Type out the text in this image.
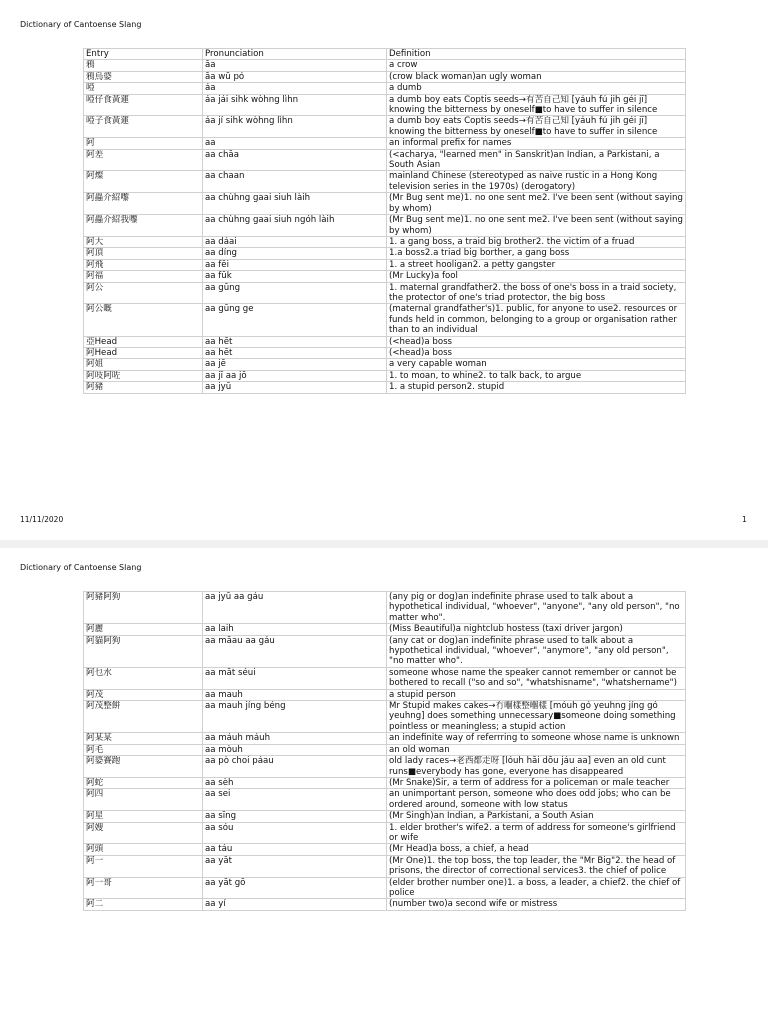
Dictionary of Cantoense Slang
Entry	Pronunciation	Definition
鴉	āa	a crow
鴉烏婆	āa wū pó	(crow black woman)an ugly woman
啞	áa	a dumb
啞仔食黃蓮	áa jái sihk wòhng lìhn	a dumb boy eats Coptis seeds→有苦自己知 [yáuh fú jih géi jī] knowing the bitterness by oneself■to have to suffer in silence
啞子食黃蓮	áa jí sihk wòhng lìhn	a dumb boy eats Coptis seeds→有苦自己知 [yáuh fú jih géi jī] knowing the bitterness by oneself■to have to suffer in silence
阿	aa	an informal prefix for names
阿差	aa chāa	(<acharya, "learned men" in Sanskrit)an Indian, a Parkistani, a South Asian
阿燦	aa chaan	mainland Chinese (stereotyped as naive rustic in a Hong Kong television series in the 1970s) (derogatory)
阿蟲介紹嚟	aa chùhng gaai siuh làih	(Mr Bug sent me)1. no one sent me2. I've been sent (without saying by whom)
阿蟲介紹我嚟	aa chùhng gaai siuh ngóh làih	(Mr Bug sent me)1. no one sent me2. I've been sent (without saying by whom)
阿大	aa dáai	1. a gang boss, a traid big brother2. the victim of a fruad
阿頂	aa díng	1.a boss2.a triad big borther, a gang boss
阿飛	aa fēi	1. a street hooligan2. a petty gangster
阿福	aa fūk	(Mr Lucky)a fool
阿公	aa gūng	1. maternal grandfather2. the boss of one's boss in a traid society, the protector of one's triad protector, the big boss
阿公嘅	aa gūng ge	(maternal grandfather's)1. public, for anyone to use2. resources or funds held in common, belonging to a group or organisation rather than to an individual
亞Head	aa hēt	(<head)a boss
阿Head	aa hēt	(<head)a boss
阿姐	aa jē	a very capable woman
阿吱阿咗	aa jī aa jō	1. to moan, to whine2. to talk back, to argue
阿豬	aa jyū	1. a stupid person2. stupid
11/11/2020	1
Dictionary of Cantoense Slang
阿豬阿狗	aa jyū aa gáu	(any pig or dog)an indefinite phrase used to talk about a hypothetical individual, "whoever", "anyone", "any old person", "no matter who".
阿麗	aa laih	(Miss Beautiful)a nightclub hostess (taxi driver jargon)
阿貓阿狗	aa māau aa gáu	(any cat or dog)an indefinite phrase used to talk about a hypothetical individual, "whoever", "anymore", "any old person", "no matter who".
阿乜水	aa māt séui	someone whose name the speaker cannot remember or cannot be bothered to recall ("so and so", "whatshisname", "whatshername")
阿茂	aa mauh	a stupid person
阿茂整餅	aa mauh jíng béng	Mr Stupid makes cakes→冇嗰樣整嗰樣 [móuh gó yeuhng jíng gó yeuhng] does something unnecessary■someone doing something pointless or meaningless; a stupid action
阿某某	aa máuh máuh	an indefinite way of referrring to someone whose name is unknown
阿毛	aa mòuh	an old woman
阿婆賽跑	aa pò choi páau	old lady races→老西都走呀 [lóuh hāi dōu jáu aa] even an old cunt runs■everybody has gone, everyone has disappeared
阿蛇	aa sèh	(Mr Snake)Sir, a term of address for a policeman or male teacher
阿四	aa sei	an unimportant person, someone who does odd jobs; who can be ordered around, someone with low status
阿星	aa sīng	(Mr Singh)an Indian, a Parkistani, a South Asian
阿嫂	aa sóu	1. elder brother's wife2. a term of address for someone's girlfriend or wife
阿頭	aa táu	(Mr Head)a boss, a chief, a head
阿一	aa yāt	(Mr One)1. the top boss, the top leader, the "Mr Big"2. the head of prisons, the director of correctional services3. the chief of police
阿一哥	aa yāt gō	(elder brother number one)1. a boss, a leader, a chief2. the chief of police
阿二	aa yí	(number two)a second wife or mistress
